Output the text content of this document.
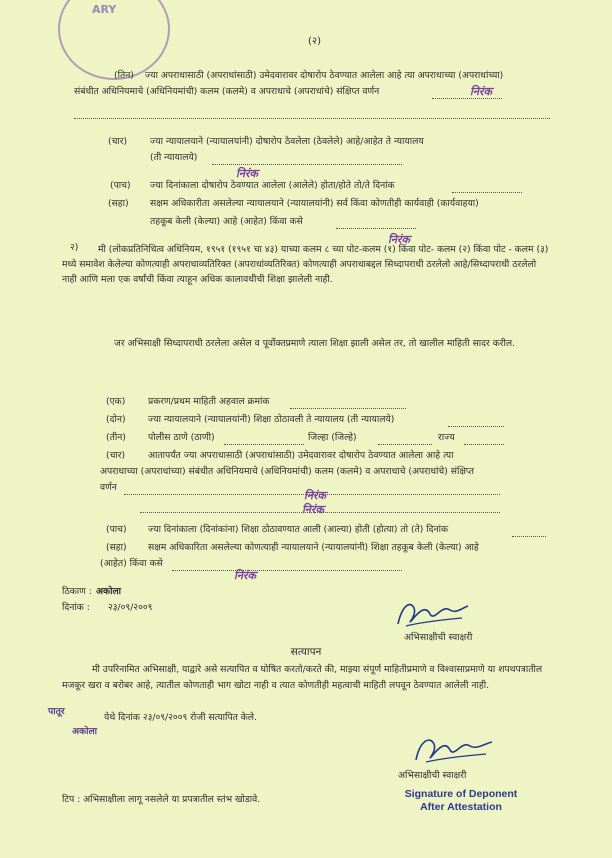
ARY
(२)
(तिन) ज्या अपराधासाठी (अपराधांसाठी) उमेदवारावर दोषारोप ठेवण्यात आलेला आहे त्या अपराधाच्या (अपराधांच्या)
संबंधीत अधिनियमाचे (अधिनियमांची) कलम (कलमे) व अपराधाचे (अपराधांचे) संक्षिप्त वर्णन	निरंक
(चार) ज्या न्यायालयाने (न्यायालयांनी) दोषारोप ठेवलेला (ठेवलेले) आहे/आहेत ते न्यायालय
(ती न्यायालये)
निरंक
(पाच) ज्या दिनांकाला दोषारोप ठेवण्यात आलेला (आलेले) होता/होते तो/ते दिनांक
(सहा) सक्षम अधिकारीता असलेल्या न्यायालयाने (न्यायालयांनी) सर्व किंवा कोणतीही कार्यवाही (कार्यवाहया)
तहकूब केली (केल्या) आहे (आहेत) किंवा कसे
निरंक
२)	मी (लोकप्रतिनिधित्व अधिनियम, १९५१ (१९५१ चा ४३) याच्या कलम ८ च्या पोट-कलम (१) किंवा पोट- कलम (२) किंवा पोट - कलम (३) मध्ये समावेश केलेल्या कोणत्याही अपराधाव्यतिरिक्त (अपराधांव्यतिरिक्त) कोणत्याही अपराधाबद्दल सिध्दापराधी ठरलेलो आहे/सिध्दापराधी ठरलेलो नाही आणि मला एक वर्षांची किंवा त्याहून अधिक कालावधीची शिक्षा झालेली नाही.
जर अभिसाक्षी सिध्दापराधी ठरलेला असेल व पूर्वोक्तप्रमाणे त्याला शिक्षा झाली असेल तर, तो खालील माहिती सादर करील.
(एक) प्रकरण/प्रथम माहिती अहवाल क्रमांक
(दोन) ज्या न्यायालयाने (न्यायालयांनी) शिक्षा ठोठावली ते न्यायालय (ती न्यायालये)
(तीन) पोलीस ठाणे (ठाणी)	जिल्हा (जिल्हे)	राज्य
(चार) आतापर्यंत ज्या अपराधासाठी (अपराधांसाठी) उमेदवारावर दोषारोप ठेवण्यात आलेला आहे त्या
अपराधाच्या (अपराधांच्या) संबंधीत अधिनियमाचे (अधिनियमांची) कलम (कलमे) व अपराधाचे (अपराधांचे) संक्षिप्त
वर्णन
निरंक
निरंक
(पाच) ज्या दिनांकाला (दिनांकांना) शिक्षा ठोठावण्यात आली (आल्या) होती (होत्या) तो (ते) दिनांक
(सहा) सक्षम अधिकारिता असलेल्या कोणत्याही न्यायालयाने (न्यायालयांनी) शिक्षा तहकूब केली (केल्या) आहे
(आहेत) किंवा कसे
निरंक
ठिकाण : अकोला
दिनांक : २३/०९/२००९
अभिसाक्षीची स्वाक्षरी
सत्यापन
मी उपरिनामित अभिसाक्षी, याद्वारे असे सत्यापित व घोषित करतो/करते की, माझ्या संपूर्ण माहितीप्रमाणे व विश्वासाप्रमाणे या शपथपत्रातील मजकूर खरा व बरोबर आहे, त्यातील कोणताही भाग खोटा नाही व त्यात कोणतीही महत्वाची माहिती लपवून ठेवण्यात आलेली नाही.
पातूर
येथे दिनांक २३/०९/२००९ रोजी सत्यापित केले.
अकोला
अभिसाक्षीची स्वाक्षरी
Signature of Deponent
After Attestation
टिप : अभिसाक्षीला लागू नसलेले या प्रपत्रातील स्तंभ खोडावे.
